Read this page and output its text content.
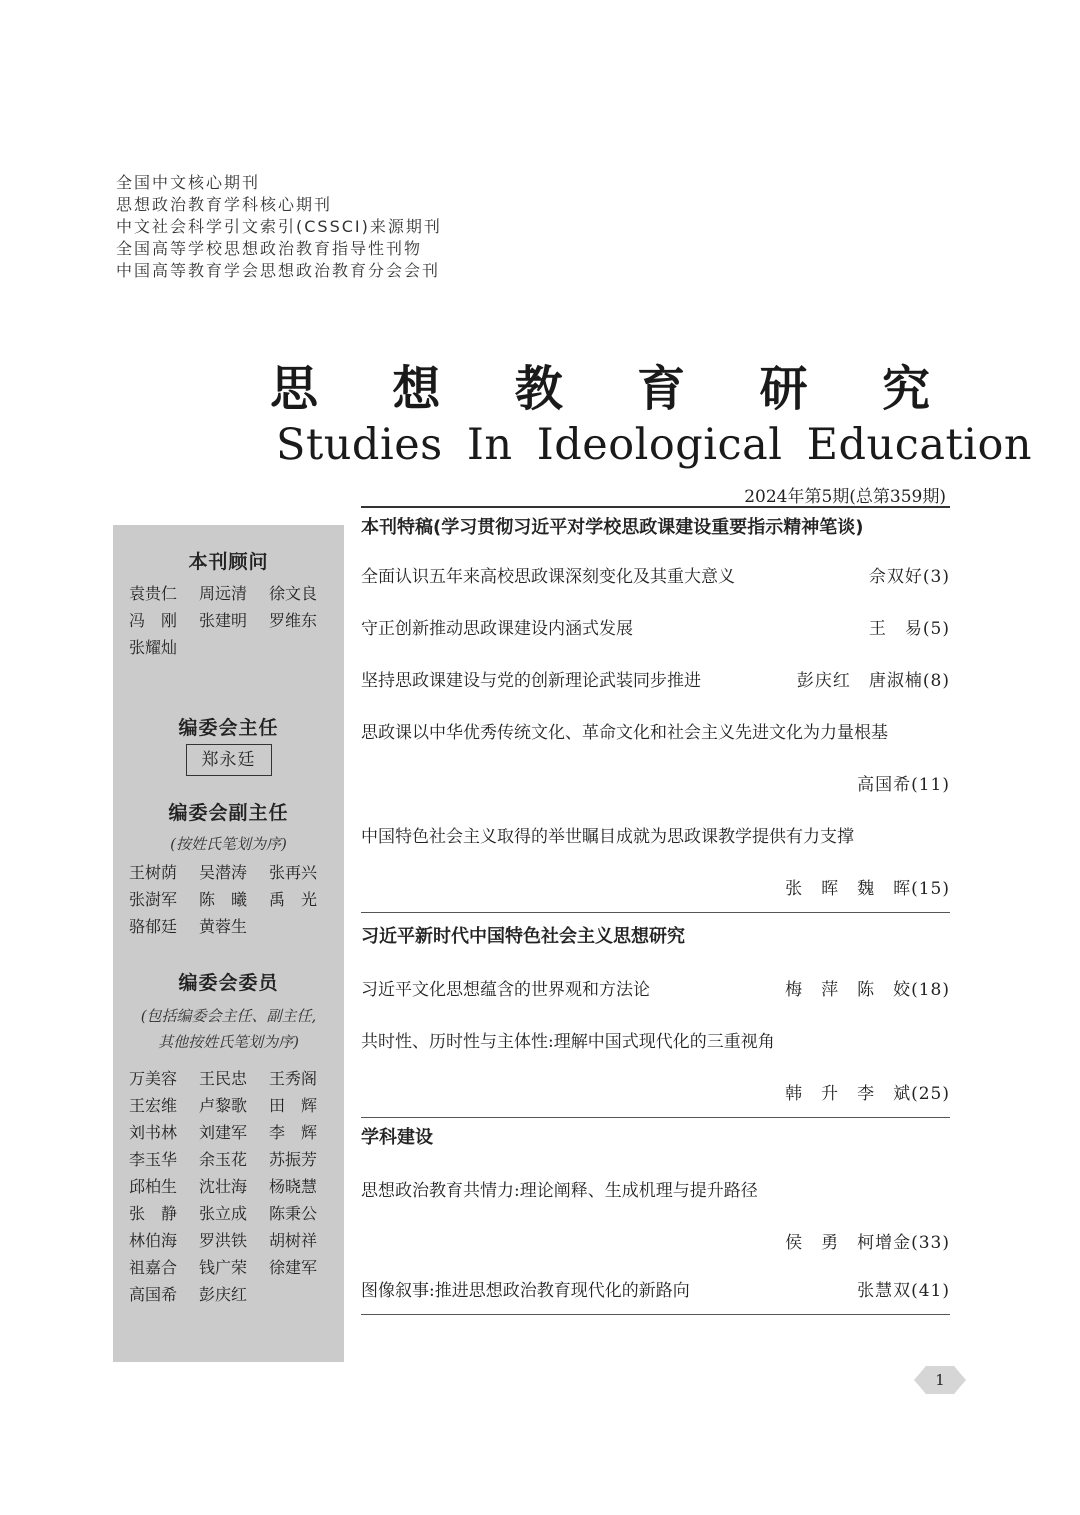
全国中文核心期刊
思想政治教育学科核心期刊
中文社会科学引文索引(CSSCI)来源期刊
全国高等学校思想政治教育指导性刊物
中国高等教育学会思想政治教育分会会刊
思 想 教 育 研 究
Studies In Ideological Education
2024年第5期(总第359期)
本刊顾问
袁贵仁	周远清	徐文良
冯　刚	张建明	罗维东
张耀灿
编委会主任
郑永廷
编委会副主任
(按姓氏笔划为序)
王树荫	吴潜涛	张再兴
张澍军	陈　曦	禹　光
骆郁廷	黄蓉生
编委会委员
(包括编委会主任、副主任,
其他按姓氏笔划为序)
万美容	王民忠	王秀阁
王宏维	卢黎歌	田　辉
刘书林	刘建军	李　辉
李玉华	余玉花	苏振芳
邱柏生	沈壮海	杨晓慧
张　静	张立成	陈秉公
林伯海	罗洪铁	胡树祥
祖嘉合	钱广荣	徐建军
高国希	彭庆红
本刊特稿(学习贯彻习近平对学校思政课建设重要指示精神笔谈)
全面认识五年来高校思政课深刻变化及其重大意义	佘双好(3)
守正创新推动思政课建设内涵式发展	王　易(5)
坚持思政课建设与党的创新理论武装同步推进	彭庆红　唐淑楠(8)
思政课以中华优秀传统文化、革命文化和社会主义先进文化为力量根基
高国希(11)
中国特色社会主义取得的举世瞩目成就为思政课教学提供有力支撑
张　晖　魏　晖(15)
习近平新时代中国特色社会主义思想研究
习近平文化思想蕴含的世界观和方法论	梅　萍　陈　姣(18)
共时性、历时性与主体性:理解中国式现代化的三重视角
韩　升　李　斌(25)
学科建设
思想政治教育共情力:理论阐释、生成机理与提升路径
侯　勇　柯增金(33)
图像叙事:推进思想政治教育现代化的新路向	张慧双(41)
1
